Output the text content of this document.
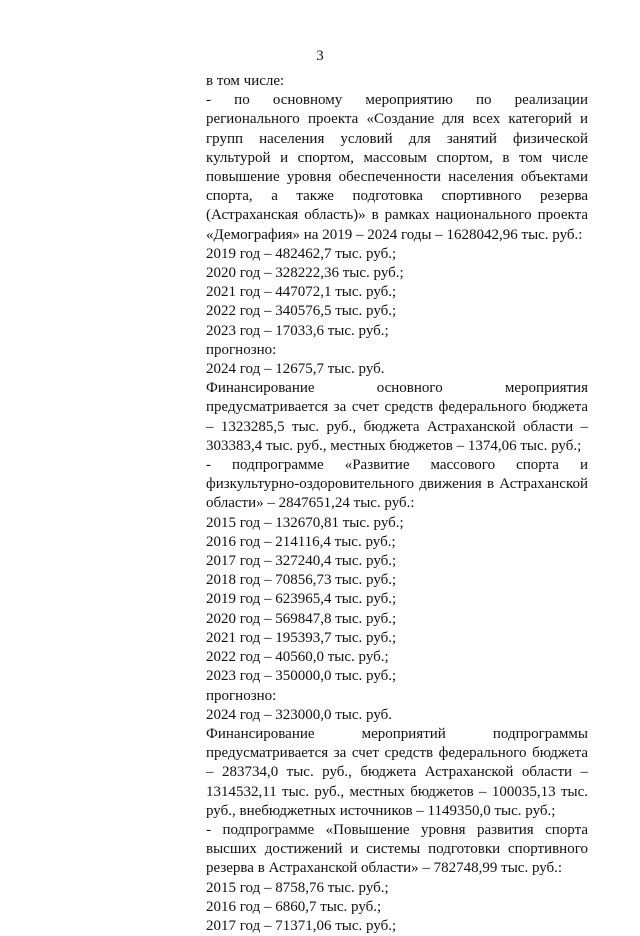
3

в том числе:

- по основному мероприятию по реализации регионального проекта «Создание для всех категорий и групп населения условий для занятий физической культурой и спортом, массовым спортом, в том числе повышение уровня обеспеченности населения объектами спорта, а также подготовка спортивного резерва (Астраханская область)» в рамках национального проекта «Демография» на 2019 – 2024 годы – 1628042,96 тыс. руб.:

2019 год – 482462,7 тыс. руб.;

2020 год – 328222,36 тыс. руб.;

2021 год – 447072,1 тыс. руб.;

2022 год – 340576,5 тыс. руб.;

2023 год – 17033,6 тыс. руб.;

прогнозно:

2024 год – 12675,7 тыс. руб.

Финансирование основного мероприятия предусматривается за счет средств федерального бюджета – 1323285,5 тыс. руб., бюджета Астраханской области – 303383,4 тыс. руб., местных бюджетов – 1374,06 тыс. руб.;

- подпрограмме «Развитие массового спорта и физкультурно-оздоровительного движения в Астраханской области» – 2847651,24 тыс. руб.:

2015 год – 132670,81 тыс. руб.;

2016 год – 214116,4 тыс. руб.;

2017 год – 327240,4 тыс. руб.;

2018 год – 70856,73 тыс. руб.;

2019 год – 623965,4 тыс. руб.;

2020 год – 569847,8 тыс. руб.;

2021 год – 195393,7 тыс. руб.;

2022 год – 40560,0 тыс. руб.;

2023 год – 350000,0 тыс. руб.;

прогнозно:

2024 год – 323000,0 тыс. руб.

Финансирование мероприятий подпрограммы предусматривается за счет средств федерального бюджета – 283734,0 тыс. руб., бюджета Астраханской области – 1314532,11 тыс. руб., местных бюджетов – 100035,13 тыс. руб., внебюджетных источников – 1149350,0 тыс. руб.;

- подпрограмме «Повышение уровня развития спорта высших достижений и системы подготовки спортивного резерва в Астраханской области» – 782748,99 тыс. руб.:

2015 год – 8758,76 тыс. руб.;

2016 год – 6860,7 тыс. руб.;

2017 год – 71371,06 тыс. руб.;
